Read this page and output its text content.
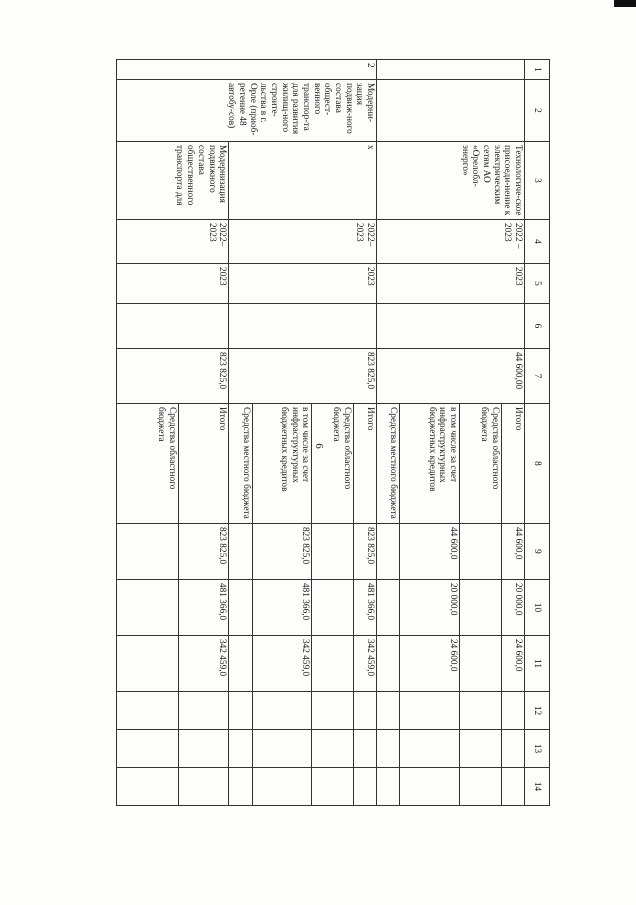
6
1	2	3	4	5	6	7	8	9	10	11	12	13	14
		Технологиче-ское присоеди-нение к электрическим сетям АО «Орелобл-энерго»	2022 – 2023	2023		44 600,00	Итого	44 600,0	20 000,0	24 600,0			
							Средства областного бюджета						
							в том числе за счет инфраструктурных бюджетных кредитов	44 600,0	20 000,0	24 600,0			
							Средства местного бюджета						
2	Модерни-зация подвиж-ного состава общест-венного транспор-та для развития жилищ-ного строите-льства в г. Орле (приоб-ретение 48 автобу-сов)	х	2022– 2023	2023		823 825,0	Итого	823 825,0	481 366,0	342 459,0			
							Средства областного бюджета						
							в том числе за счет инфраструктурных бюджетных кредитов	823 825,0	481 366,0	342 459,0			
							Средства местного бюджета						
		Модернизация подвижного состава общественного транспорта для	2022– 2023	2023		823 825,0	Итого	823 825,0	481 366,0	342 459,0			
							Средства областного бюджета						
